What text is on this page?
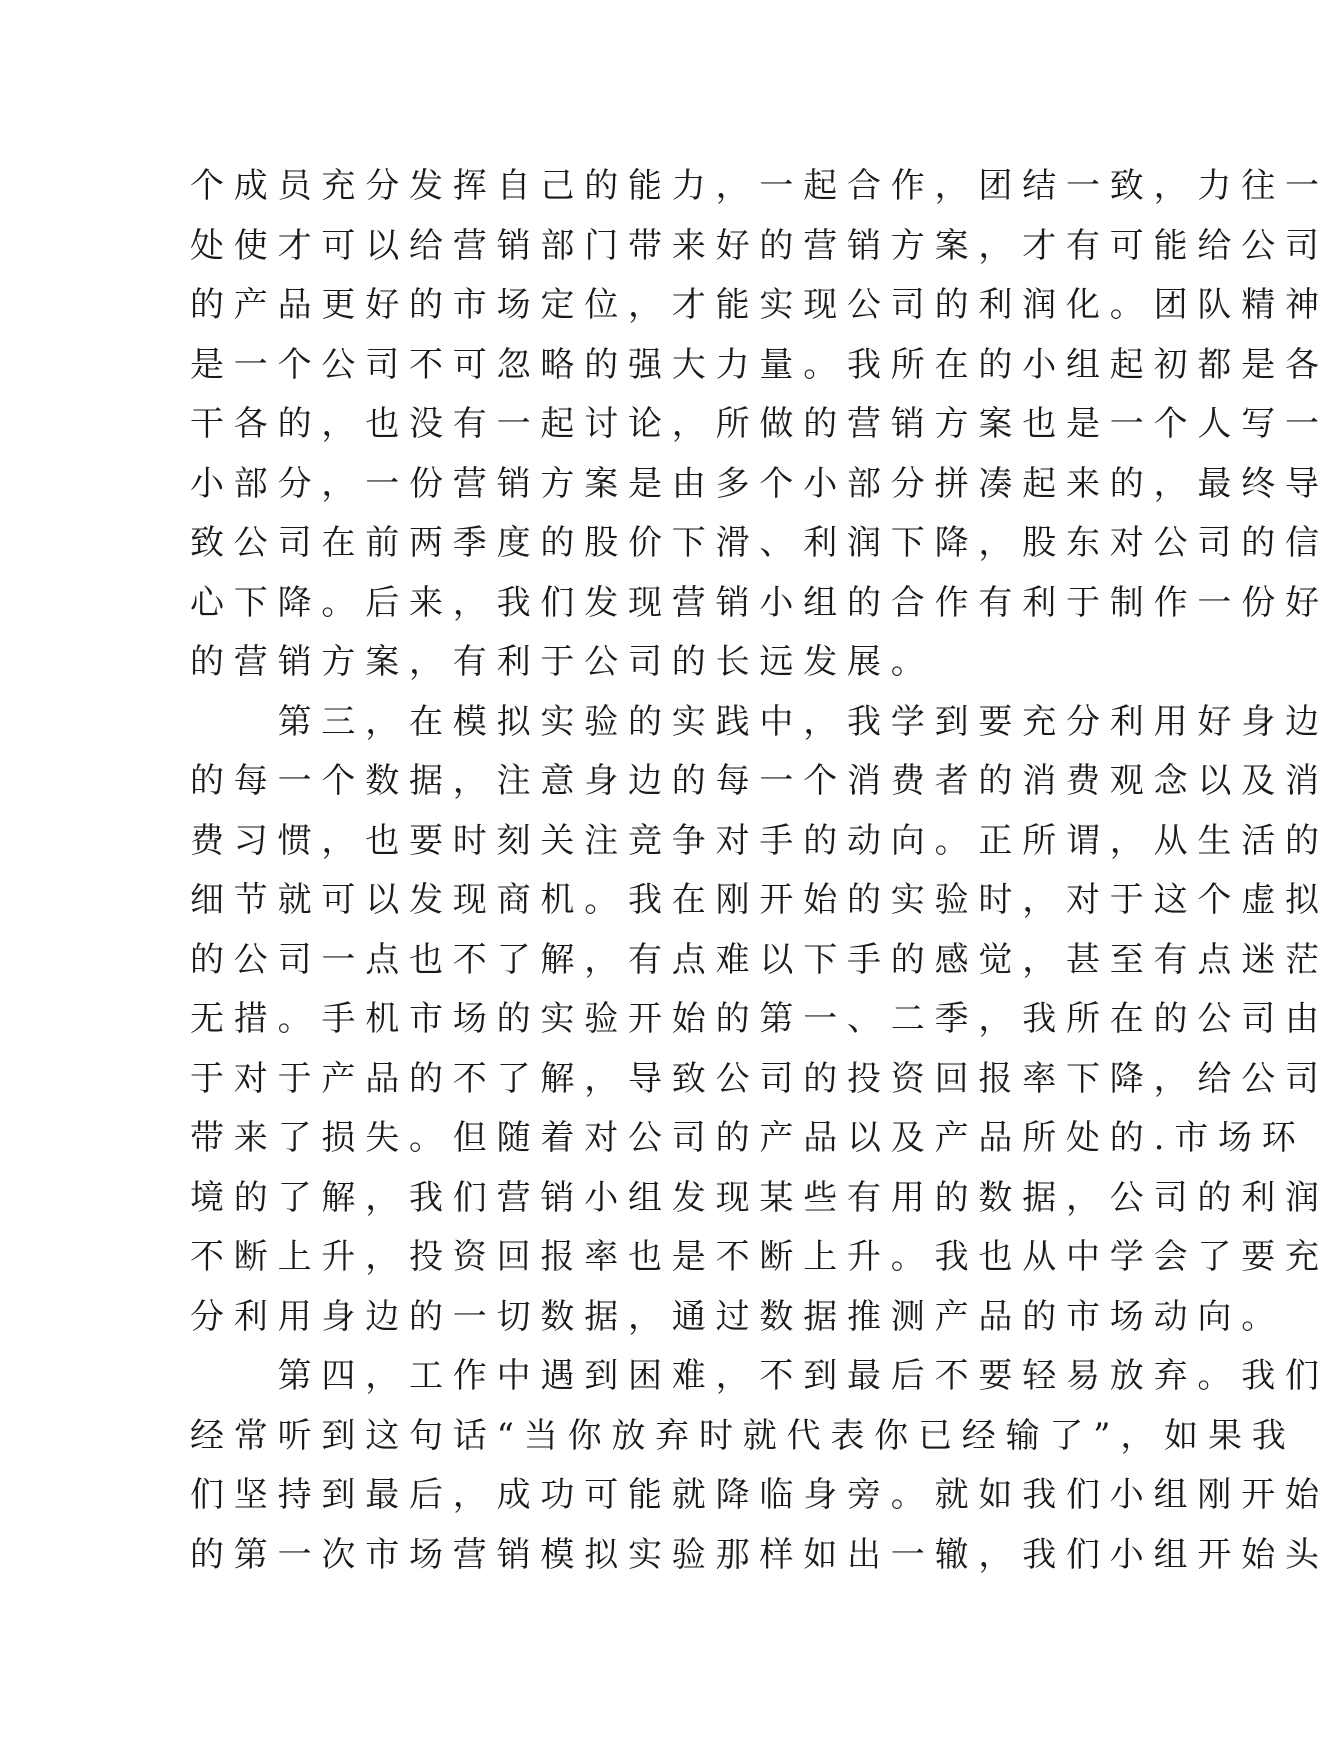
个成员充分发挥自己的能力，一起合作，团结一致，力往一
处使才可以给营销部门带来好的营销方案，才有可能给公司
的产品更好的市场定位，才能实现公司的利润化。团队精神
是一个公司不可忽略的强大力量。我所在的小组起初都是各
干各的，也没有一起讨论，所做的营销方案也是一个人写一
小部分，一份营销方案是由多个小部分拼凑起来的，最终导
致公司在前两季度的股价下滑、利润下降，股东对公司的信
心下降。后来，我们发现营销小组的合作有利于制作一份好
的营销方案，有利于公司的长远发展。
　　第三，在模拟实验的实践中，我学到要充分利用好身边
的每一个数据，注意身边的每一个消费者的消费观念以及消
费习惯，也要时刻关注竞争对手的动向。正所谓，从生活的
细节就可以发现商机。我在刚开始的实验时，对于这个虚拟
的公司一点也不了解，有点难以下手的感觉，甚至有点迷茫
无措。手机市场的实验开始的第一、二季，我所在的公司由
于对于产品的不了解，导致公司的投资回报率下降，给公司
带来了损失。但随着对公司的产品以及产品所处的.市场环
境的了解，我们营销小组发现某些有用的数据，公司的利润
不断上升，投资回报率也是不断上升。我也从中学会了要充
分利用身边的一切数据，通过数据推测产品的市场动向。
　　第四，工作中遇到困难，不到最后不要轻易放弃。我们
经常听到这句话“当你放弃时就代表你已经输了”，如果我
们坚持到最后，成功可能就降临身旁。就如我们小组刚开始
的第一次市场营销模拟实验那样如出一辙，我们小组开始头
